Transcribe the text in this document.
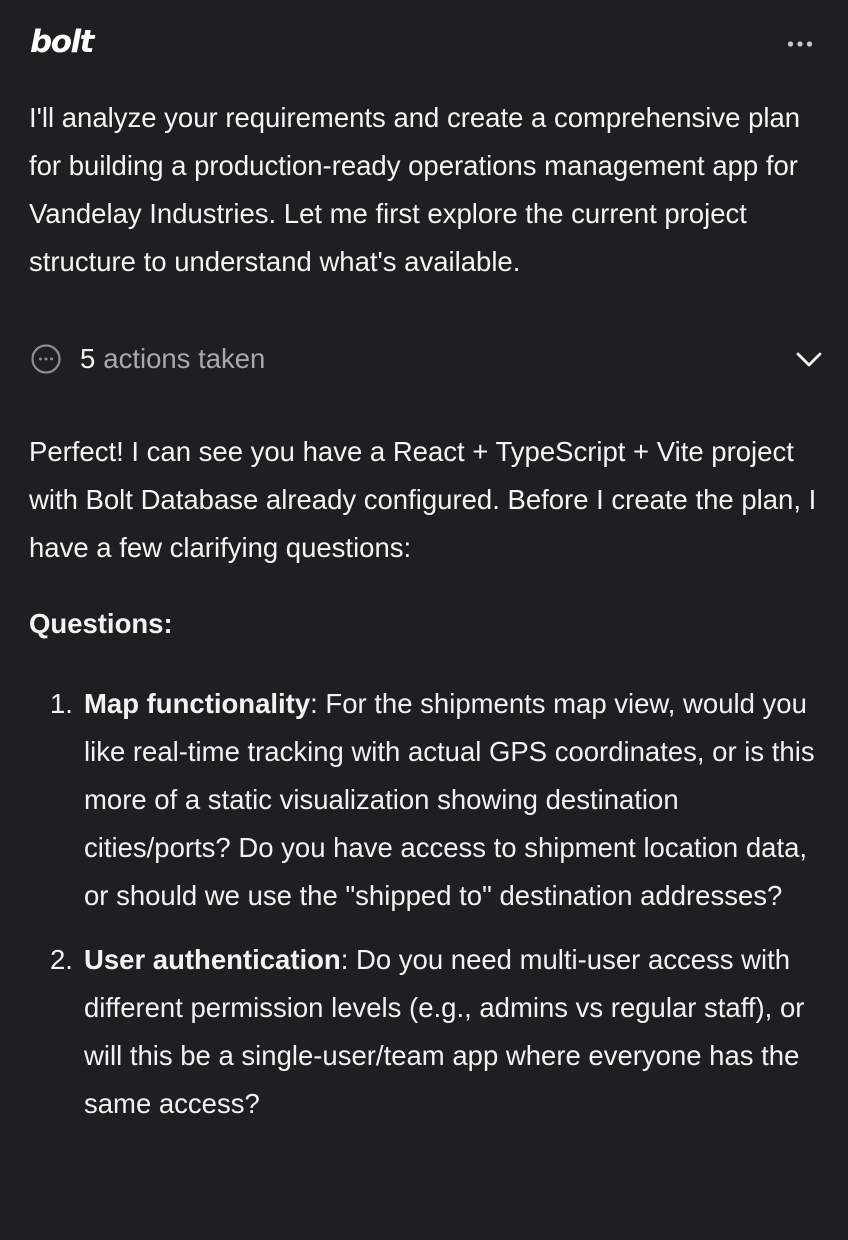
bolt

I'll analyze your requirements and create a comprehensive plan for building a production-ready operations management app for Vandelay Industries. Let me first explore the current project structure to understand what's available.

5 actions taken

Perfect! I can see you have a React + TypeScript + Vite project with Bolt Database already configured. Before I create the plan, I have a few clarifying questions:

Questions:

1. Map functionality: For the shipments map view, would you like real-time tracking with actual GPS coordinates, or is this more of a static visualization showing destination cities/ports? Do you have access to shipment location data, or should we use the "shipped to" destination addresses?
2. User authentication: Do you need multi-user access with different permission levels (e.g., admins vs regular staff), or will this be a single-user/team app where everyone has the same access?
